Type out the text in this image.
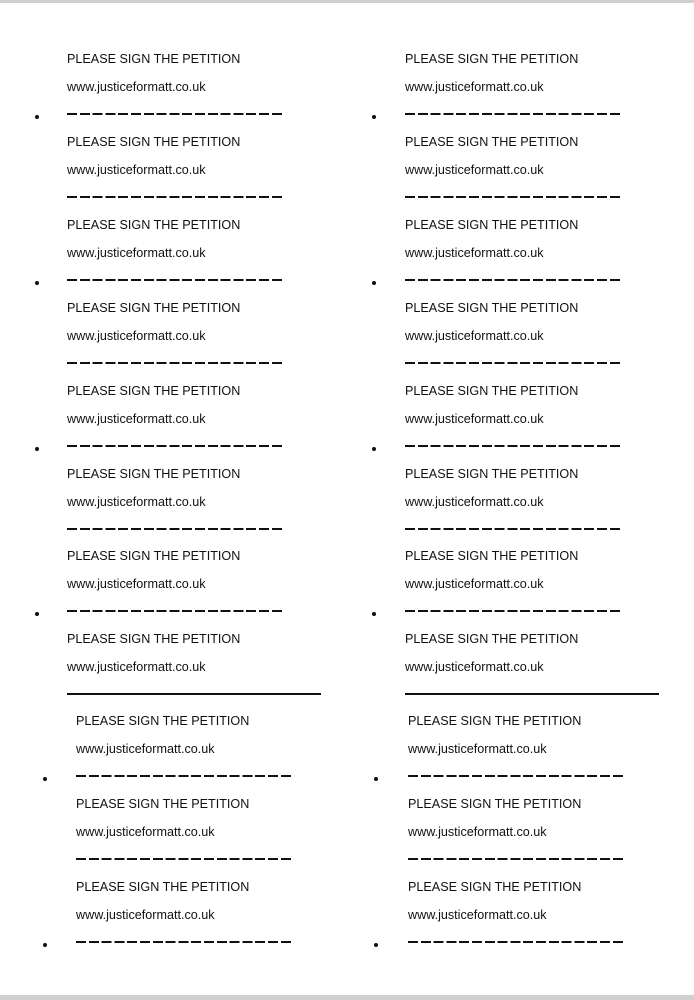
PLEASE SIGN THE PETITION
www.justiceformatt.co.uk
PLEASE SIGN THE PETITION
www.justiceformatt.co.uk
PLEASE SIGN THE PETITION
www.justiceformatt.co.uk
PLEASE SIGN THE PETITION
www.justiceformatt.co.uk
PLEASE SIGN THE PETITION
www.justiceformatt.co.uk
PLEASE SIGN THE PETITION
www.justiceformatt.co.uk
PLEASE SIGN THE PETITION
www.justiceformatt.co.uk
PLEASE SIGN THE PETITION
www.justiceformatt.co.uk
PLEASE SIGN THE PETITION
www.justiceformatt.co.uk
PLEASE SIGN THE PETITION
www.justiceformatt.co.uk
PLEASE SIGN THE PETITION
www.justiceformatt.co.uk
PLEASE SIGN THE PETITION
www.justiceformatt.co.uk
PLEASE SIGN THE PETITION
www.justiceformatt.co.uk
PLEASE SIGN THE PETITION
www.justiceformatt.co.uk
PLEASE SIGN THE PETITION
www.justiceformatt.co.uk
PLEASE SIGN THE PETITION
www.justiceformatt.co.uk
PLEASE SIGN THE PETITION
www.justiceformatt.co.uk
PLEASE SIGN THE PETITION
www.justiceformatt.co.uk
PLEASE SIGN THE PETITION
www.justiceformatt.co.uk
PLEASE SIGN THE PETITION
www.justiceformatt.co.uk
PLEASE SIGN THE PETITION
www.justiceformatt.co.uk
PLEASE SIGN THE PETITION
www.justiceformatt.co.uk
